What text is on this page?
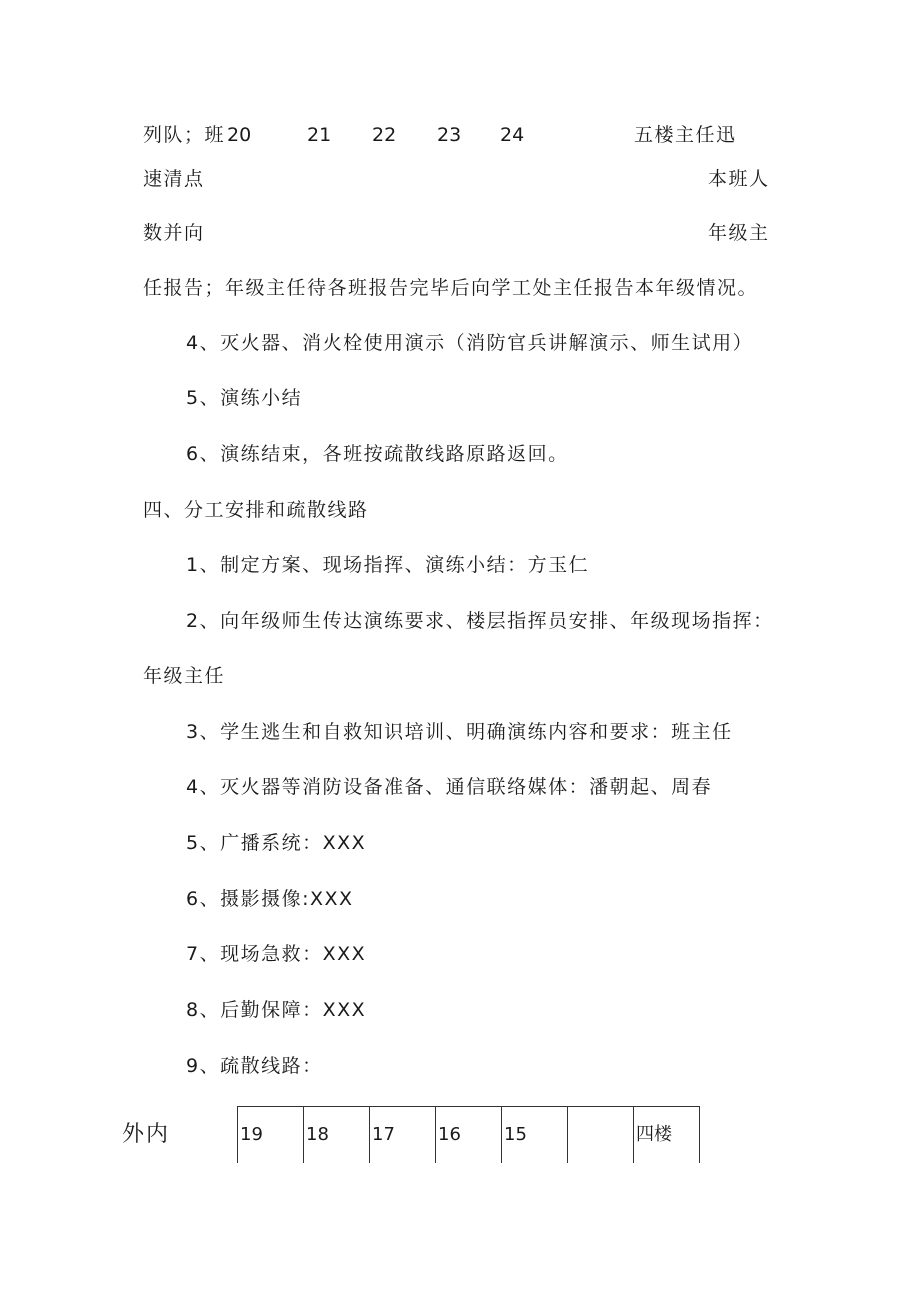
列队；班 20	21 22 23 24	五楼主任迅
速清点	本班人
数并向	年级主
任报告；年级主任待各班报告完毕后向学工处主任报告本年级情况。
4、灭火器、消火栓使用演示（消防官兵讲解演示、师生试用）
5、演练小结
6、演练结束，各班按疏散线路原路返回。
四、分工安排和疏散线路
1、制定方案、现场指挥、演练小结：方玉仁
2、向年级师生传达演练要求、楼层指挥员安排、年级现场指挥：
年级主任
3、学生逃生和自救知识培训、明确演练内容和要求：班主任
4、灭火器等消防设备准备、通信联络媒体：潘朝起、周春
5、广播系统：XXX
6、摄影摄像:XXX
7、现场急救：XXX
8、后勤保障：XXX
9、疏散线路：
外内	19	18	17	16	15		四楼
